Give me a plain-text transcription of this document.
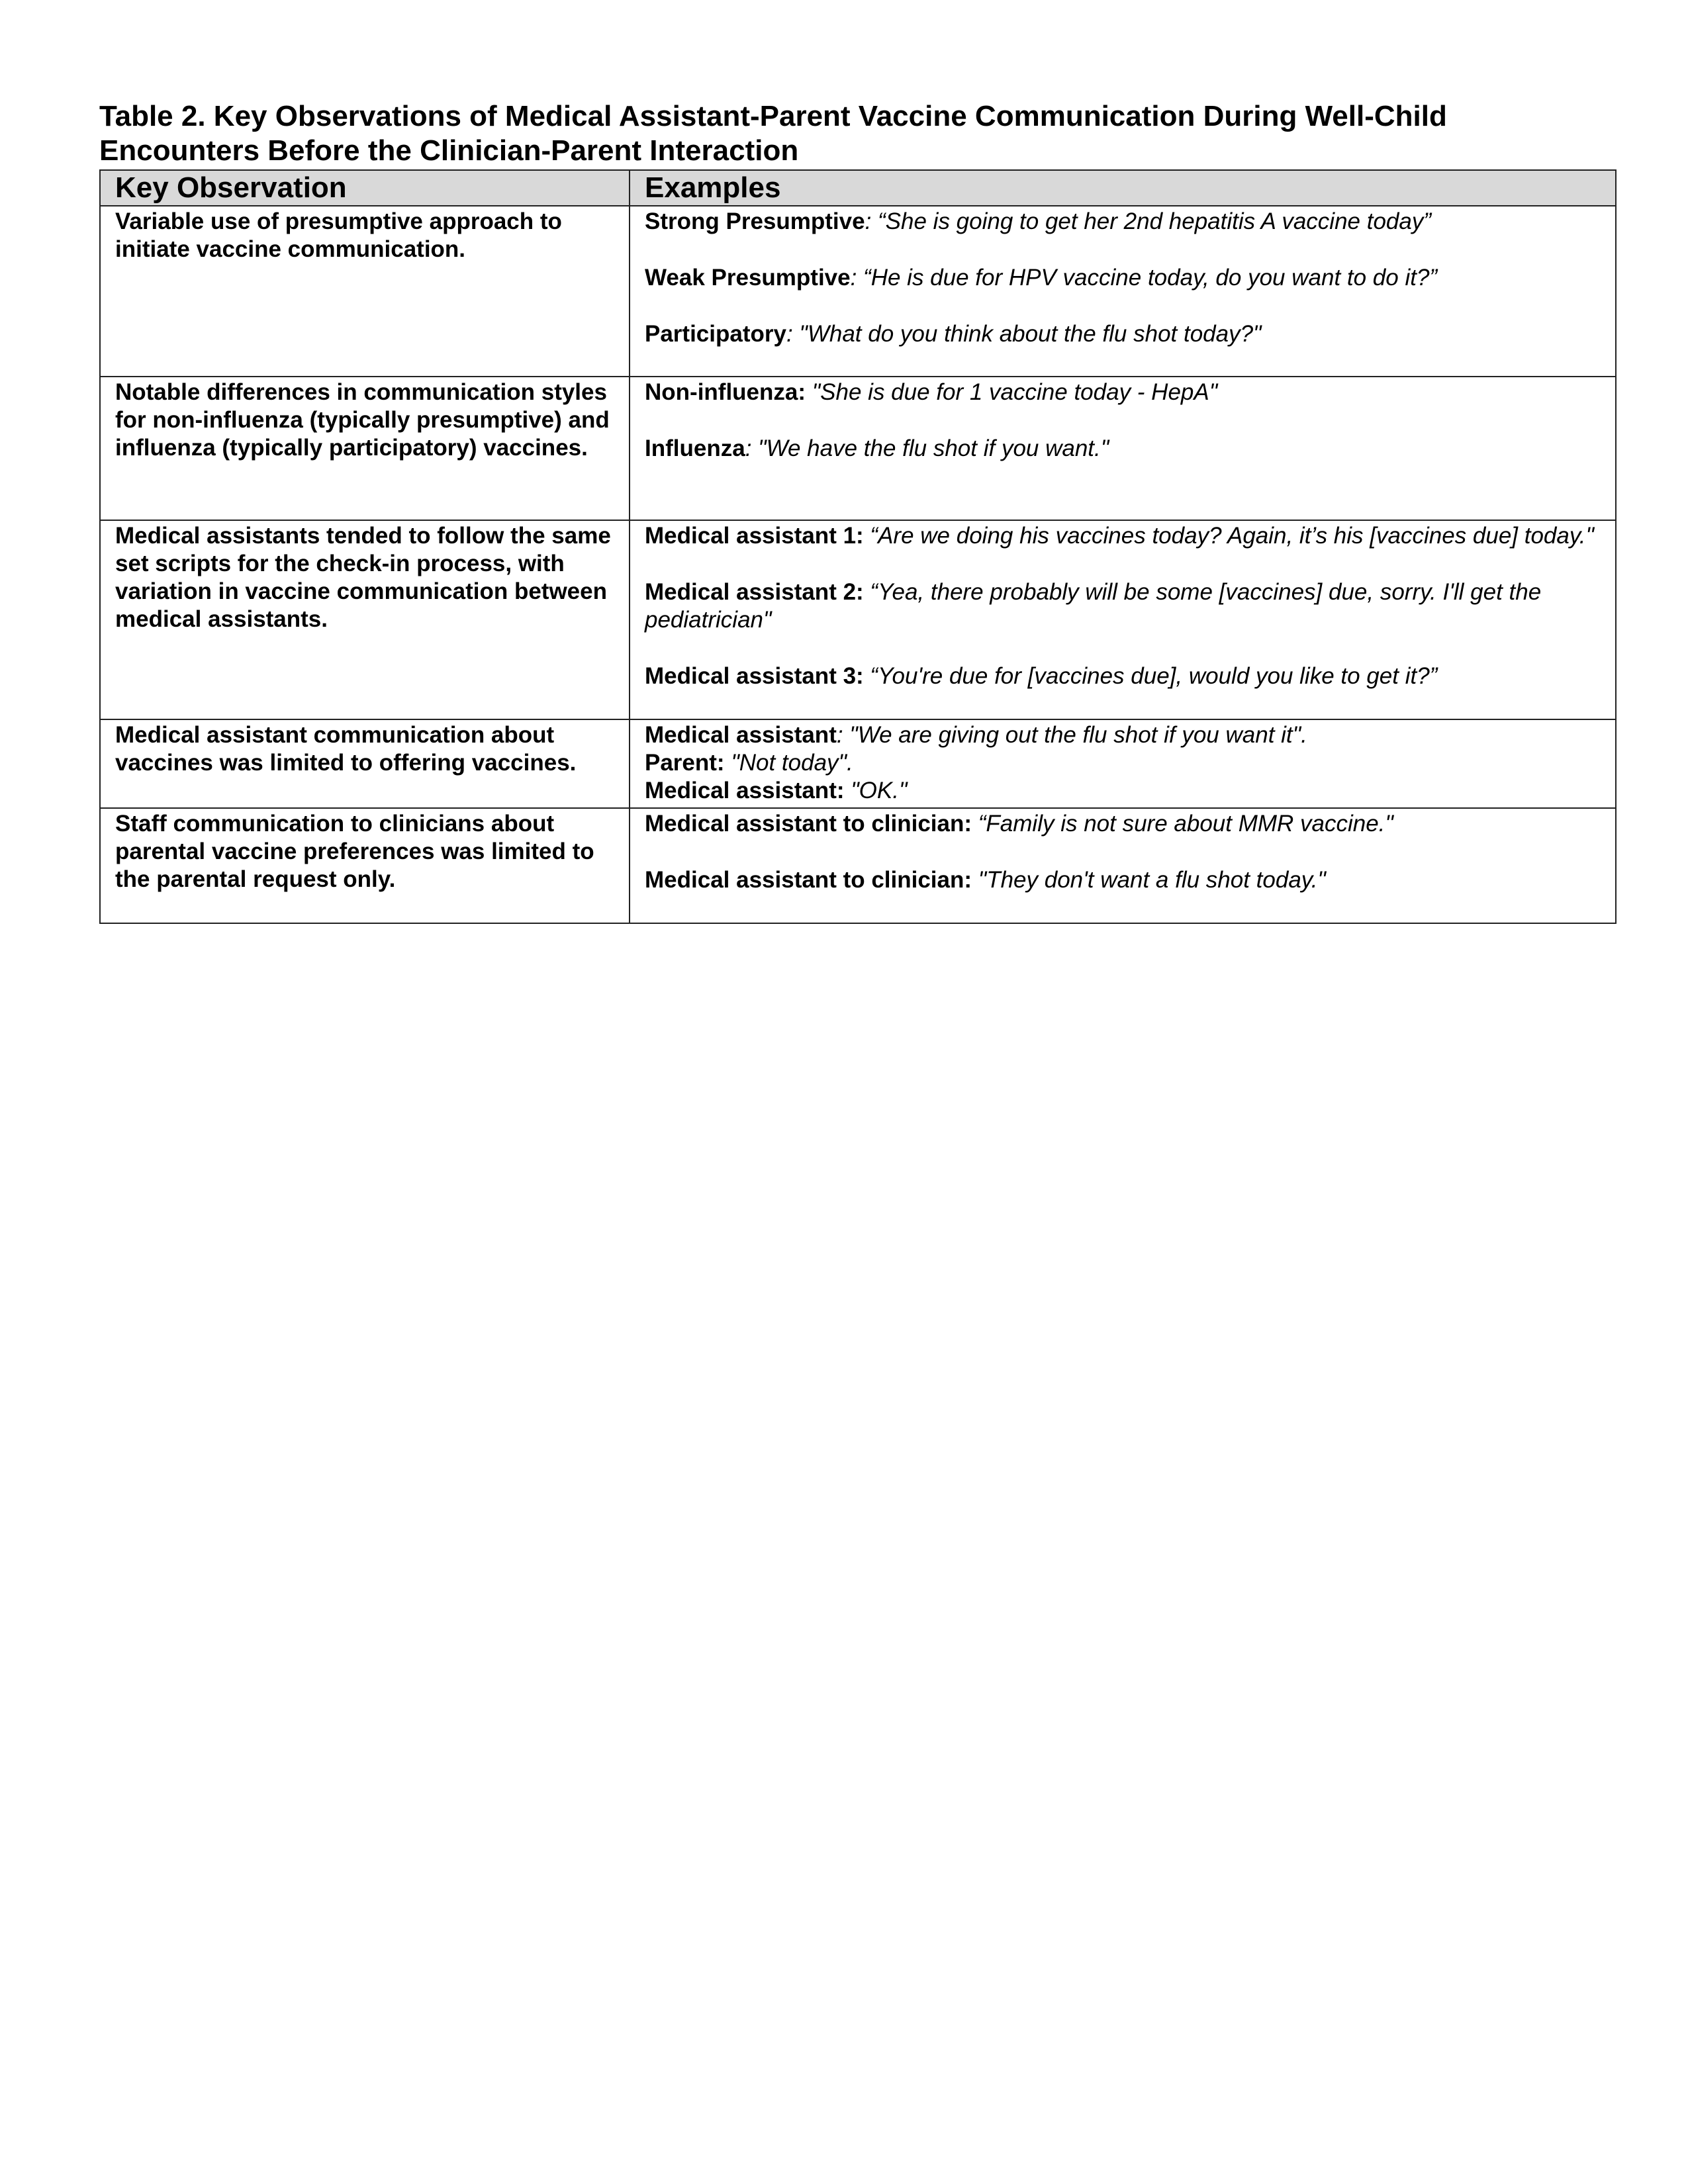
Table 2. Key Observations of Medical Assistant-Parent Vaccine Communication During Well-Child Encounters Before the Clinician-Parent Interaction
Key Observation	Examples
Variable use of presumptive approach to initiate vaccine communication.	Strong Presumptive: “She is going to get her 2nd hepatitis A vaccine today”

Weak Presumptive: “He is due for HPV vaccine today, do you want to do it?”

Participatory: "What do you think about the flu shot today?"

Notable differences in communication styles for non-influenza (typically presumptive) and influenza (typically participatory) vaccines.	Non-influenza: "She is due for 1 vaccine today - HepA"

Influenza: "We have the flu shot if you want."

Medical assistants tended to follow the same set scripts for the check-in process, with variation in vaccine communication between medical assistants.	Medical assistant 1: “Are we doing his vaccines today? Again, it’s his [vaccines due] today."

Medical assistant 2: “Yea, there probably will be some [vaccines] due, sorry. I'll get the pediatrician"

Medical assistant 3: “You're due for [vaccines due], would you like to get it?”

Medical assistant communication about vaccines was limited to offering vaccines.	Medical assistant: "We are giving out the flu shot if you want it".

Parent: "Not today".

Medical assistant: "OK."

Staff communication to clinicians about parental vaccine preferences was limited to the parental request only.	Medical assistant to clinician: “Family is not sure about MMR vaccine."

Medical assistant to clinician: "They don't want a flu shot today."
